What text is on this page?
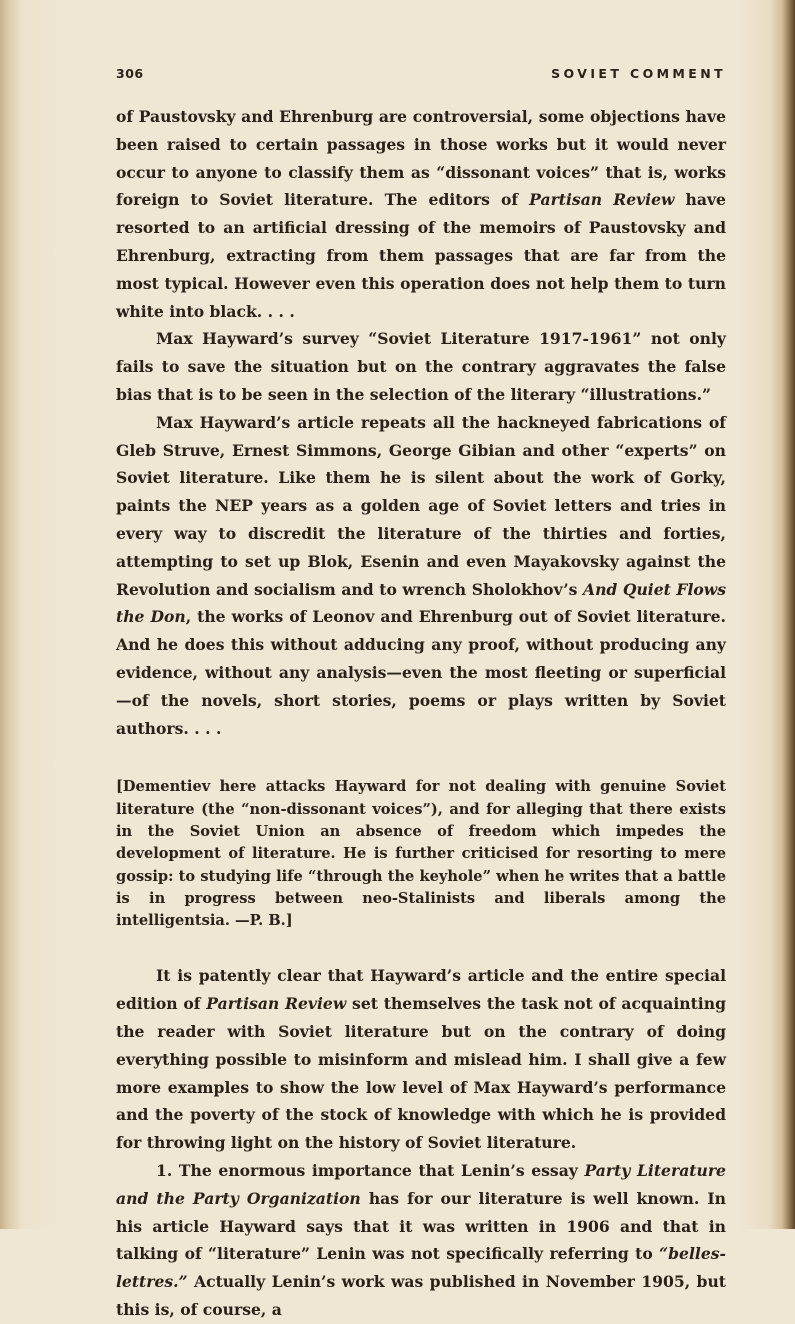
306	SOVIET COMMENT

of Paustovsky and Ehrenburg are controversial, some objections have been raised to certain passages in those works but it would never occur to anyone to classify them as “dissonant voices” that is, works foreign to Soviet literature. The editors of Partisan Review have resorted to an artificial dressing of the memoirs of Paustovsky and Ehrenburg, extracting from them passages that are far from the most typical. However even this operation does not help them to turn white into black. . . .

Max Hayward’s survey “Soviet Literature 1917-1961” not only fails to save the situation but on the contrary aggravates the false bias that is to be seen in the selection of the literary “illustrations.”

Max Hayward’s article repeats all the hackneyed fabrications of Gleb Struve, Ernest Simmons, George Gibian and other “experts” on Soviet literature. Like them he is silent about the work of Gorky, paints the NEP years as a golden age of Soviet letters and tries in every way to discredit the literature of the thirties and forties, attempting to set up Blok, Esenin and even Mayakovsky against the Revolution and socialism and to wrench Sholokhov’s And Quiet Flows the Don, the works of Leonov and Ehrenburg out of Soviet literature. And he does this without adducing any proof, without producing any evidence, without any analysis—even the most fleeting or superficial—of the novels, short stories, poems or plays written by Soviet authors. . . .

[Dementiev here attacks Hayward for not dealing with genuine Soviet literature (the “non-dissonant voices”), and for alleging that there exists in the Soviet Union an absence of freedom which impedes the development of literature. He is further criticised for resorting to mere gossip: to studying life “through the keyhole” when he writes that a battle is in progress between neo-Stalinists and liberals among the intelligentsia. —P. B.]

It is patently clear that Hayward’s article and the entire special edition of Partisan Review set themselves the task not of acquainting the reader with Soviet literature but on the contrary of doing everything possible to misinform and mislead him. I shall give a few more examples to show the low level of Max Hayward’s performance and the poverty of the stock of knowledge with which he is provided for throwing light on the history of Soviet literature.

1. The enormous importance that Lenin’s essay Party Literature and the Party Organization has for our literature is well known. In his article Hayward says that it was written in 1906 and that in talking of “literature” Lenin was not specifically referring to “belles-lettres.” Actually Lenin’s work was published in November 1905, but this is, of course, a
